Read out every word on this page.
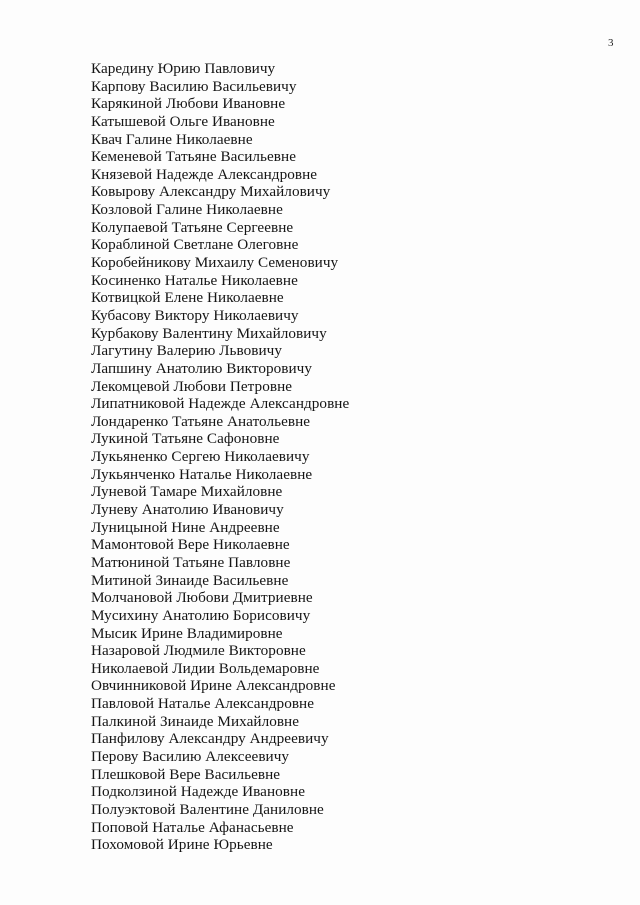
3
Карединy Юрию Павловичу
Карпову Василию Васильевичу
Карякиной Любови Ивановне
Катышевой Ольге Ивановне
Квач Галине Николаевне
Кеменевой Татьяне Васильевне
Князевой Надежде Александровне
Ковырову Александру Михайловичу
Козловой Галине Николаевне
Колупаевой Татьяне Сергеевне
Кораблиной Светлане Олеговне
Коробейникову Михаилу Семеновичу
Косиненко Наталье Николаевне
Котвицкой Елене Николаевне
Кубасову Виктору Николаевичу
Курбакову Валентину Михайловичу
Лагутину Валерию Львовичу
Лапшину Анатолию Викторовичу
Лекомцевой Любови Петровне
Липатниковой Надежде Александровне
Лондаренко Татьяне Анатольевне
Лукиной Татьяне Сафоновне
Лукьяненко Сергею Николаевичу
Лукьянченко Наталье Николаевне
Луневой Тамаре Михайловне
Луневу Анатолию Ивановичу
Луницыной Нине Андреевне
Мамонтовой Вере Николаевне
Матюниной Татьяне Павловне
Митиной Зинаиде Васильевне
Молчановой Любови Дмитриевне
Мусихину Анатолию Борисовичу
Мысик Ирине Владимировне
Назаровой Людмиле Викторовне
Николаевой Лидии Вольдемаровне
Овчинниковой Ирине Александровне
Павловой Наталье Александровне
Палкиной Зинаиде Михайловне
Панфилову Александру Андреевичу
Перову Василию Алексеевичу
Плешковой Вере Васильевне
Подколзиной Надежде Ивановне
Полуэктовой Валентине Даниловне
Поповой Наталье Афанасьевне
Похомовой Ирине Юрьевне
